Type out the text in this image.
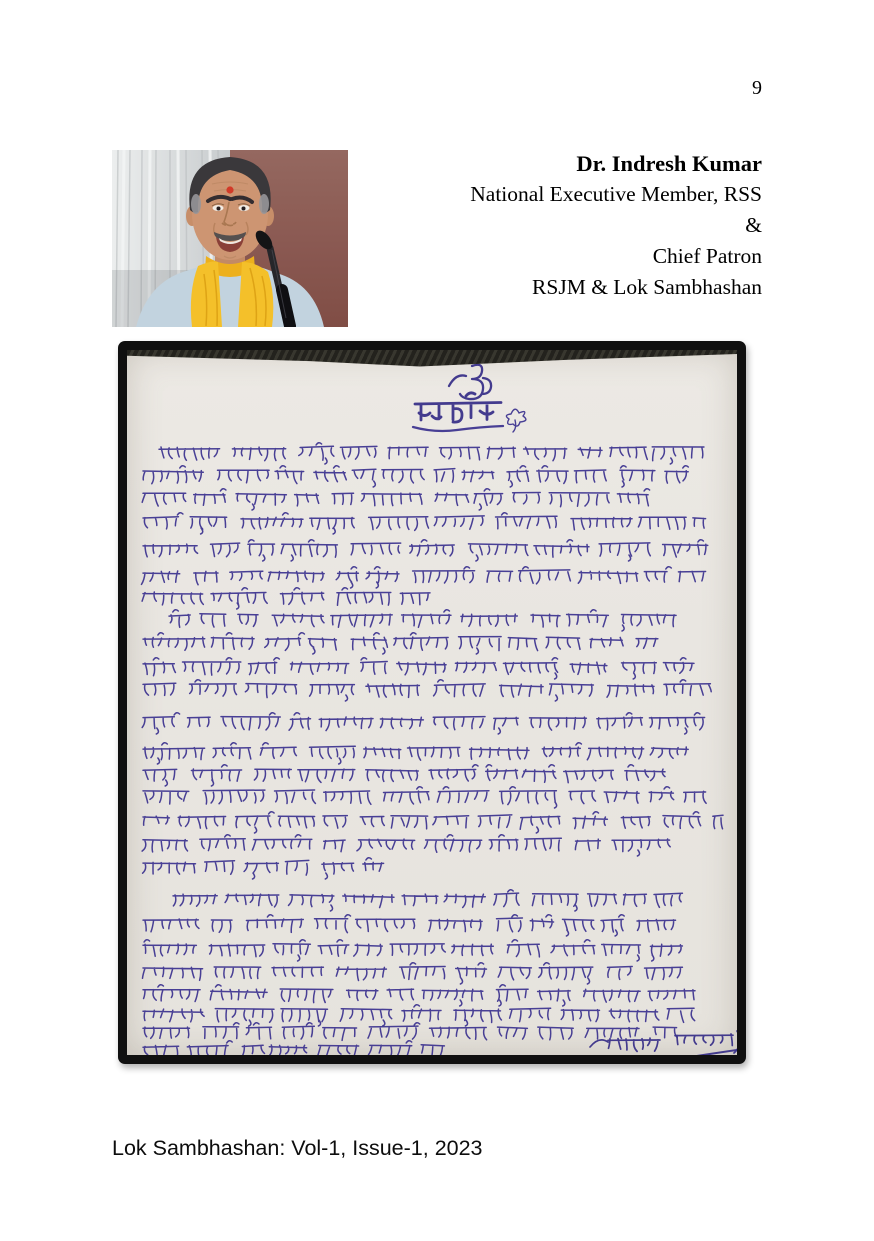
9
Dr. Indresh Kumar
National Executive Member, RSS
&
Chief Patron
RSJM & Lok Sambhashan
Lok Sambhashan: Vol-1, Issue-1, 2023
